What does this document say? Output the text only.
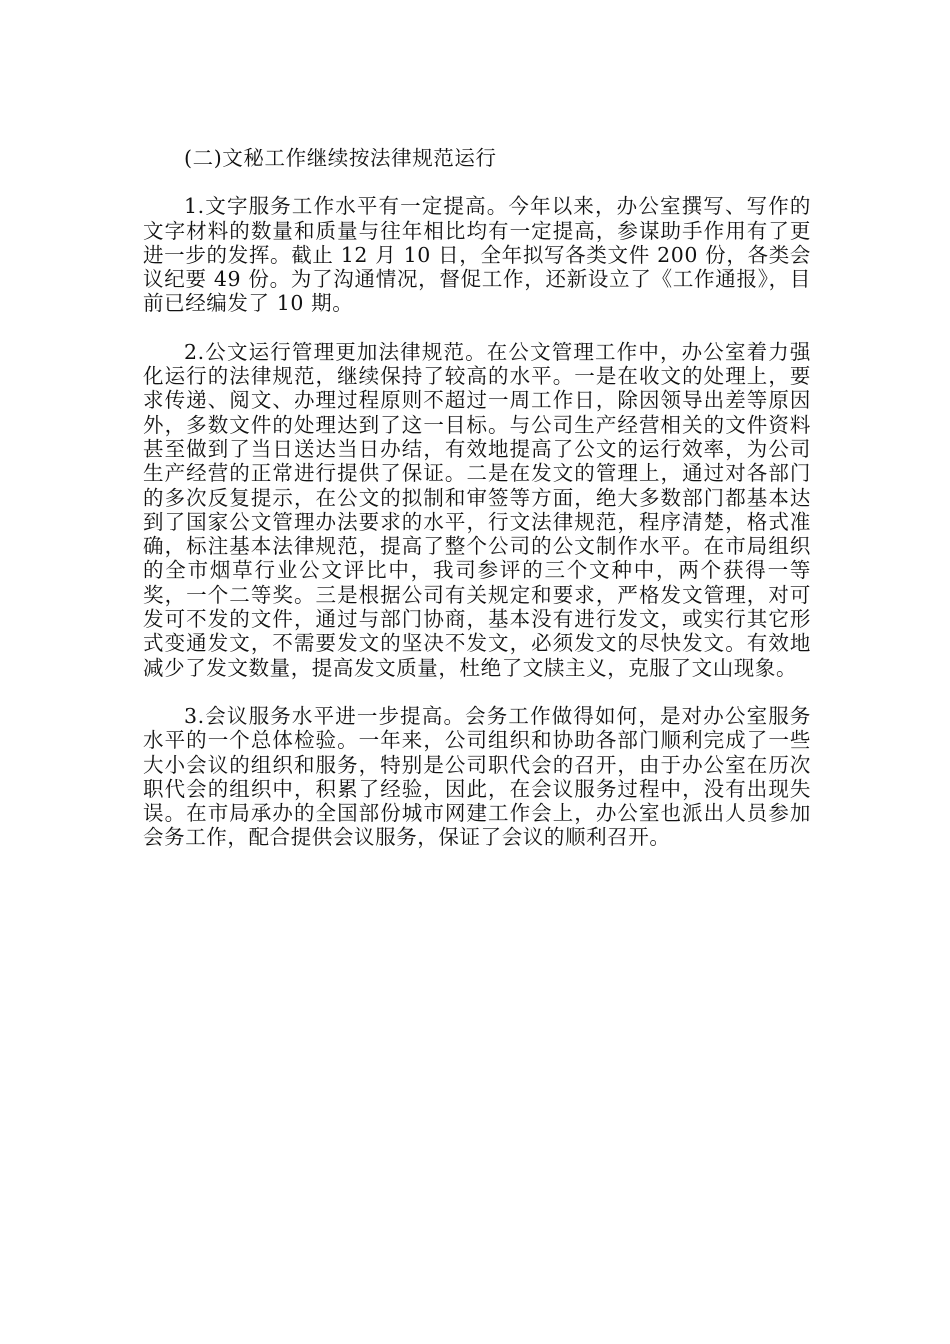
(二)文秘工作继续按法律规范运行

1.文字服务工作水平有一定提高。今年以来，办公室撰写、写作的文字材料的数量和质量与往年相比均有一定提高，参谋助手作用有了更进一步的发挥。截止 12 月 10 日，全年拟写各类文件 200 份，各类会议纪要 49 份。为了沟通情况，督促工作，还新设立了《工作通报》，目前已经编发了 10 期。

2.公文运行管理更加法律规范。在公文管理工作中，办公室着力强化运行的法律规范，继续保持了较高的水平。一是在收文的处理上，要求传递、阅文、办理过程原则不超过一周工作日，除因领导出差等原因外，多数文件的处理达到了这一目标。与公司生产经营相关的文件资料甚至做到了当日送达当日办结，有效地提高了公文的运行效率，为公司生产经营的正常进行提供了保证。二是在发文的管理上，通过对各部门的多次反复提示，在公文的拟制和审签等方面，绝大多数部门都基本达到了国家公文管理办法要求的水平，行文法律规范，程序清楚，格式准确，标注基本法律规范，提高了整个公司的公文制作水平。在市局组织的全市烟草行业公文评比中，我司参评的三个文种中，两个获得一等奖，一个二等奖。三是根据公司有关规定和要求，严格发文管理，对可发可不发的文件，通过与部门协商，基本没有进行发文，或实行其它形式变通发文，不需要发文的坚决不发文，必须发文的尽快发文。有效地减少了发文数量，提高发文质量，杜绝了文牍主义，克服了文山现象。

3.会议服务水平进一步提高。会务工作做得如何，是对办公室服务水平的一个总体检验。一年来，公司组织和协助各部门顺利完成了一些大小会议的组织和服务，特别是公司职代会的召开，由于办公室在历次职代会的组织中，积累了经验，因此，在会议服务过程中，没有出现失误。在市局承办的全国部份城市网建工作会上，办公室也派出人员参加会务工作，配合提供会议服务，保证了会议的顺利召开。
